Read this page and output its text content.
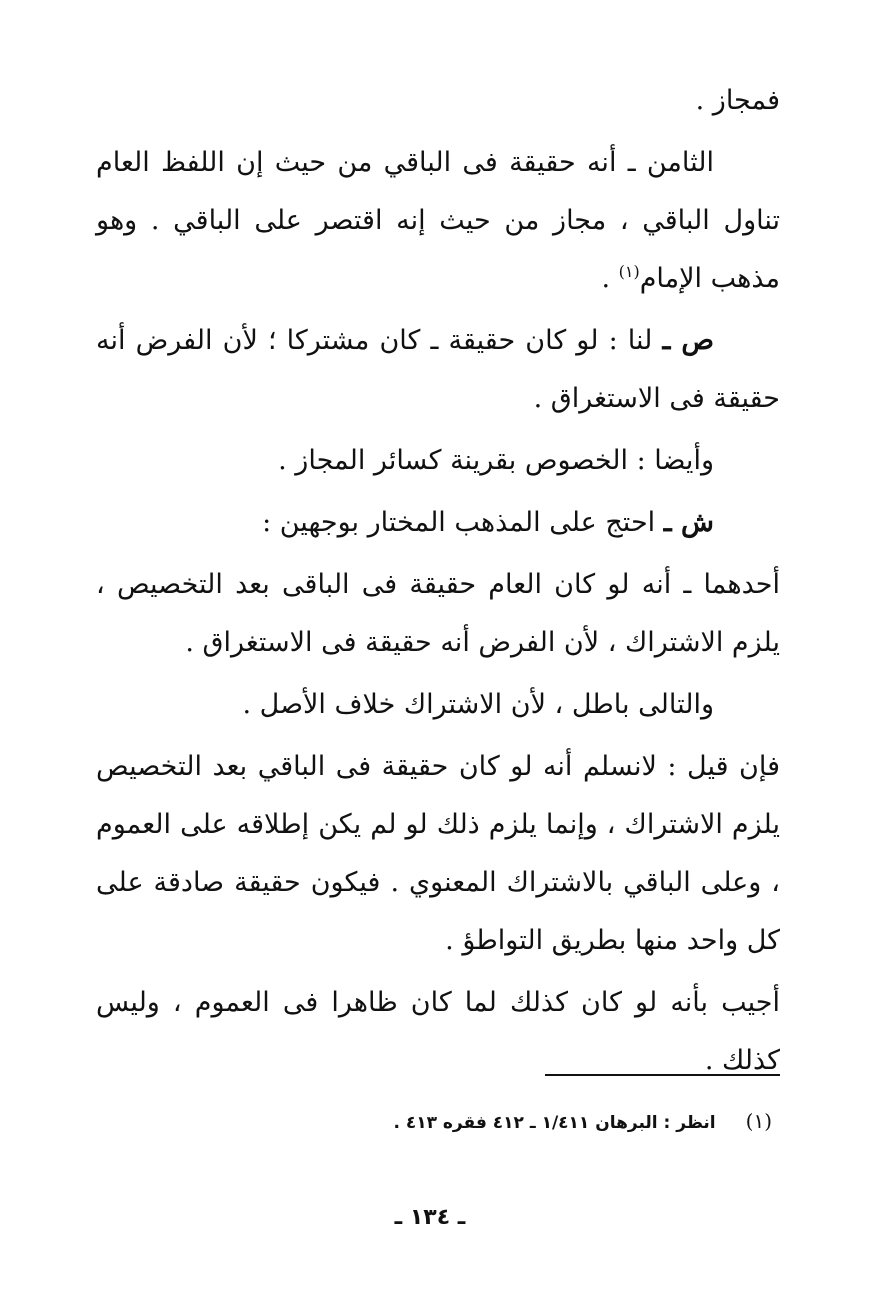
فمجاز .

الثامن ـ أنه حقيقة فى الباقي من حيث إن اللفظ العام تناول الباقي ، مجاز من حيث إنه اقتصر على الباقي . وهو مذهب الإمام$^{(١)}$ .

ص ـ لنا : لو كان حقيقة ـ كان مشتركا ؛ لأن الفرض أنه حقيقة فى الاستغراق .

وأيضا : الخصوص بقرينة كسائر المجاز .

ش ـ احتج على المذهب المختار بوجهين :

أحدهما ـ أنه لو كان العام حقيقة فى الباقى بعد التخصيص ، يلزم الاشتراك ، لأن الفرض أنه حقيقة فى الاستغراق .

والتالى باطل ، لأن الاشتراك خلاف الأصل .

فإن قيل : لانسلم أنه لو كان حقيقة فى الباقي بعد التخصيص يلزم الاشتراك ، وإنما يلزم ذلك لو لم يكن إطلاقه على العموم ، وعلى الباقي بالاشتراك المعنوي . فيكون حقيقة صادقة على كل واحد منها بطريق التواطؤ .

أجيب بأنه لو كان كذلك لما كان ظاهرا فى العموم ، وليس كذلك .

(١)انظر : البرهان ١/٤١١ ـ ٤١٢ فقره ٤١٣ .
ـ ١٣٤ ـ
